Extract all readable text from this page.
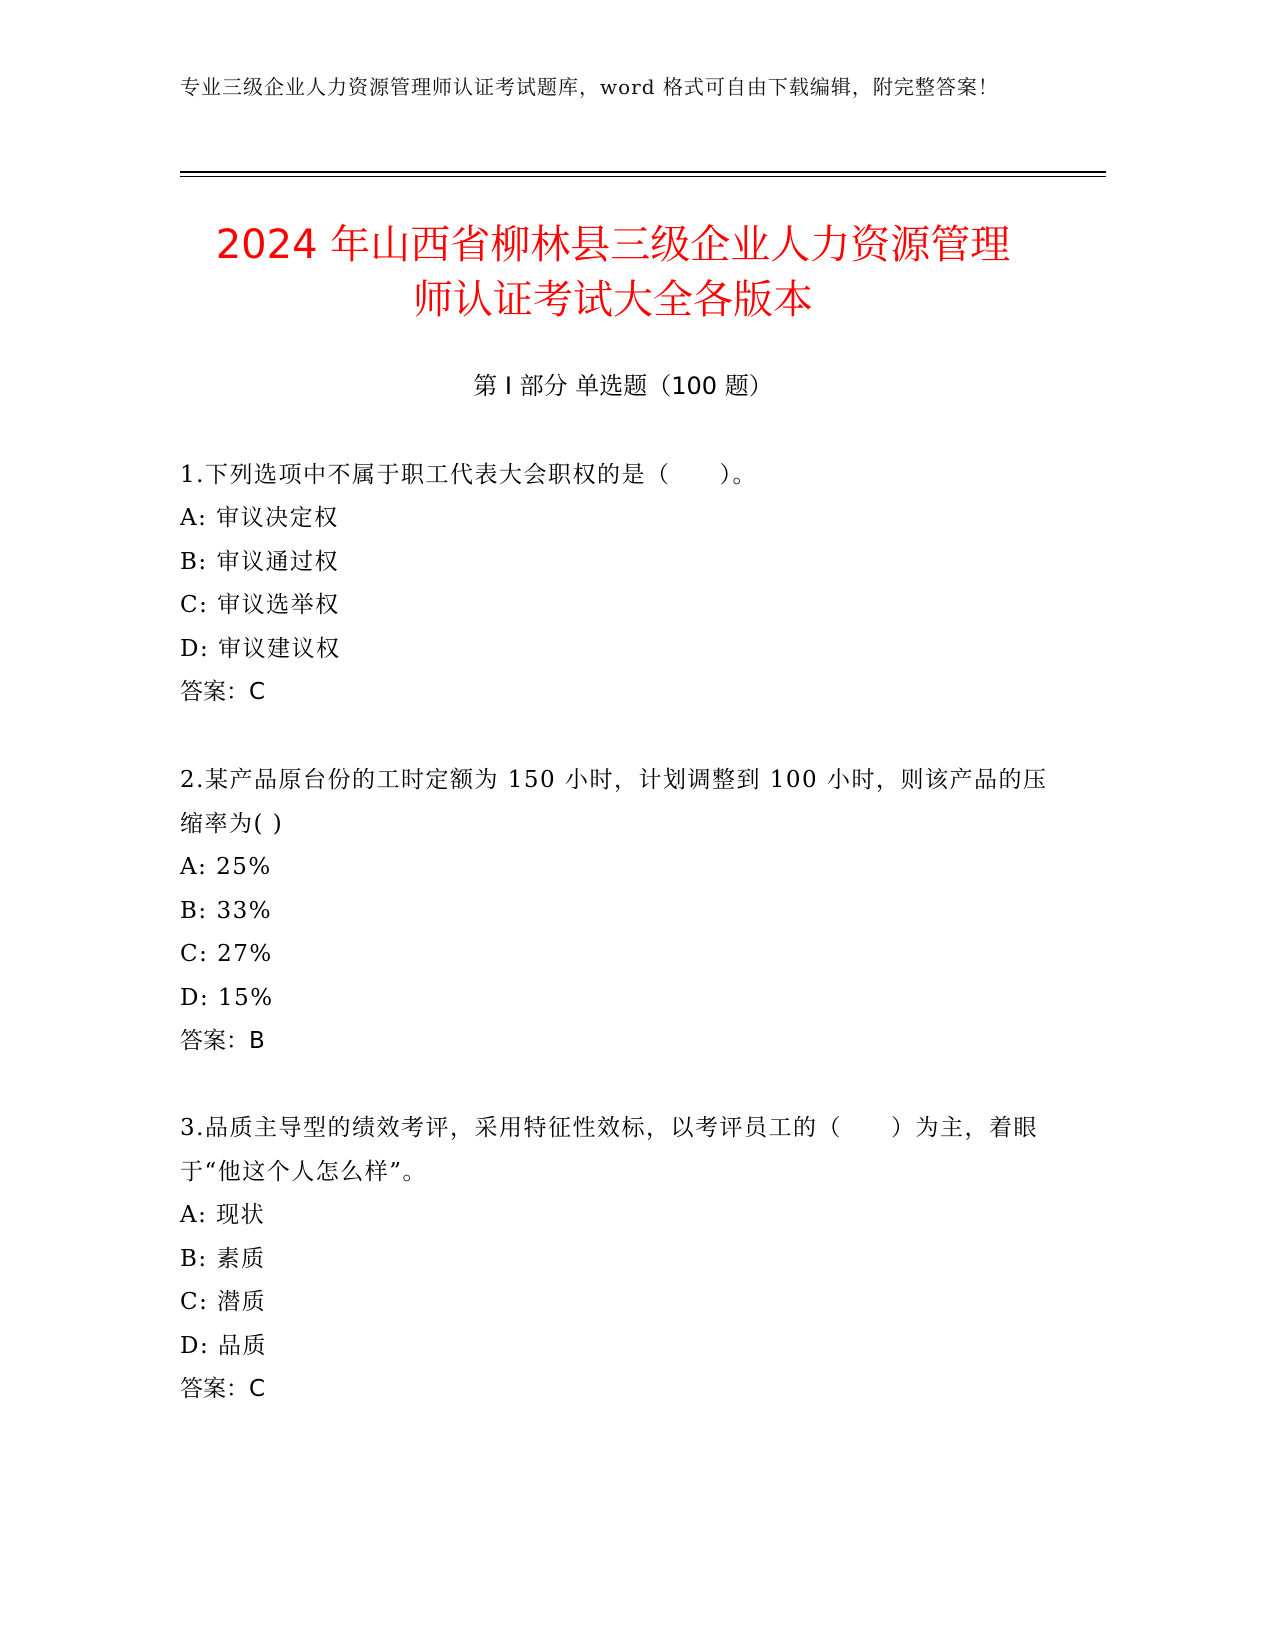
专业三级企业人力资源管理师认证考试题库，word 格式可自由下载编辑，附完整答案！
2024 年山西省柳林县三级企业人力资源管理
师认证考试大全各版本
第 I 部分 单选题（100 题）
1.下列选项中不属于职工代表大会职权的是（　　）。
A: 审议决定权
B: 审议通过权
C: 审议选举权
D: 审议建议权
答案：C
2.某产品原台份的工时定额为 150 小时，计划调整到 100 小时，则该产品的压缩率为( )
A: 25%
B: 33%
C: 27%
D: 15%
答案：B
3.品质主导型的绩效考评，采用特征性效标，以考评员工的（　　）为主，着眼于“他这个人怎么样”。
A: 现状
B: 素质
C: 潜质
D: 品质
答案：C
